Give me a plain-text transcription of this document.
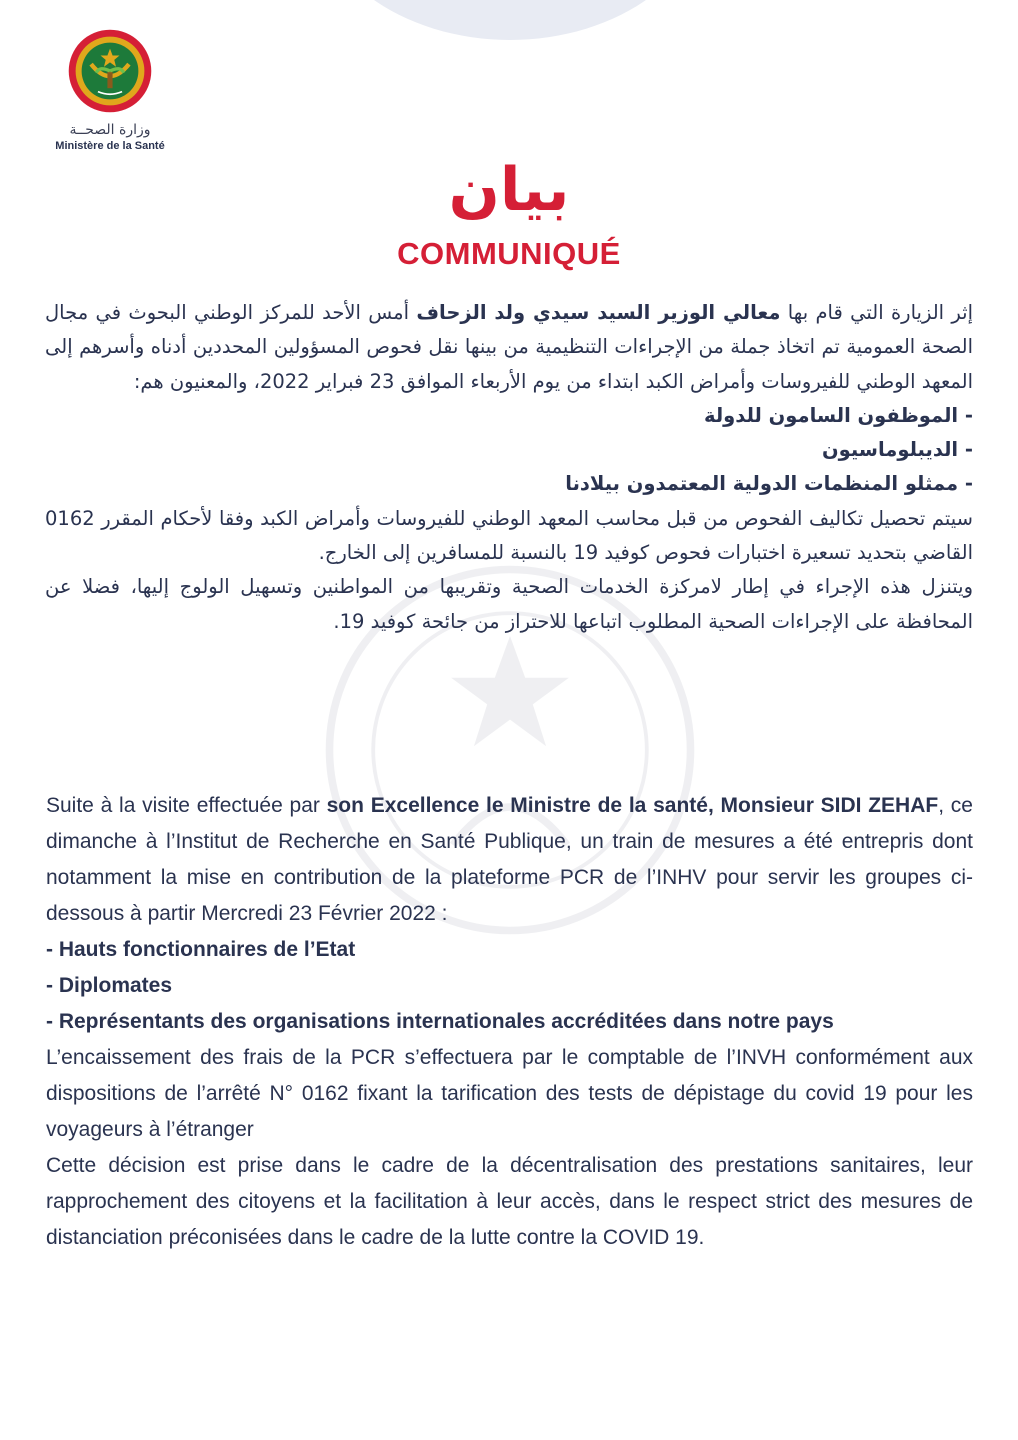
وزارة الصحــة
Ministère de la Santé
بيان
COMMUNIQUÉ

إثر الزيارة التي قام بها معالي الوزير السيد سيدي ولد الزحاف أمس الأحد للمركز الوطني البحوث في مجال الصحة العمومية تم اتخاذ جملة من الإجراءات التنظيمية من بينها نقل فحوص المسؤولين المحددين أدناه وأسرهم إلى المعهد الوطني للفيروسات وأمراض الكبد ابتداء من يوم الأربعاء الموافق 23 فبراير 2022، والمعنيون هم:

- الموظفون السامون للدولة

- الديبلوماسيون

- ممثلو المنظمات الدولية المعتمدون بيلادنا

سيتم تحصيل تكاليف الفحوص من قبل محاسب المعهد الوطني للفيروسات وأمراض الكبد وفقا لأحكام المقرر 0162 القاضي بتحديد تسعيرة اختبارات فحوص كوفيد 19 بالنسبة للمسافرين إلى الخارج.

ويتنزل هذه الإجراء في إطار لامركزة الخدمات الصحية وتقريبها من المواطنين وتسهيل الولوج إليها، فضلا عن المحافظة على الإجراءات الصحية المطلوب اتباعها للاحتراز من جائحة كوفيد 19.

Suite à la visite effectuée par son Excellence le Ministre de la santé, Monsieur SIDI ZEHAF, ce dimanche à l’Institut de Recherche en Santé Publique, un train de mesures a été entrepris dont notamment la mise en contribution de la plateforme PCR de l’INHV pour servir les groupes ci-dessous à partir Mercredi 23 Février 2022 :

- Hauts fonctionnaires de l’Etat

- Diplomates

- Représentants des organisations internationales accréditées dans notre pays

L’encaissement des frais de la PCR s’effectuera par le comptable de l’INVH conformément aux dispositions de l’arrêté N° 0162 fixant la tarification des tests de dépistage du covid 19 pour les voyageurs à l’étranger

Cette décision est prise dans le cadre de la décentralisation des prestations sanitaires, leur rapprochement des citoyens et la facilitation à leur accès, dans le respect strict des mesures de distanciation préconisées dans le cadre de la lutte contre la COVID 19.
